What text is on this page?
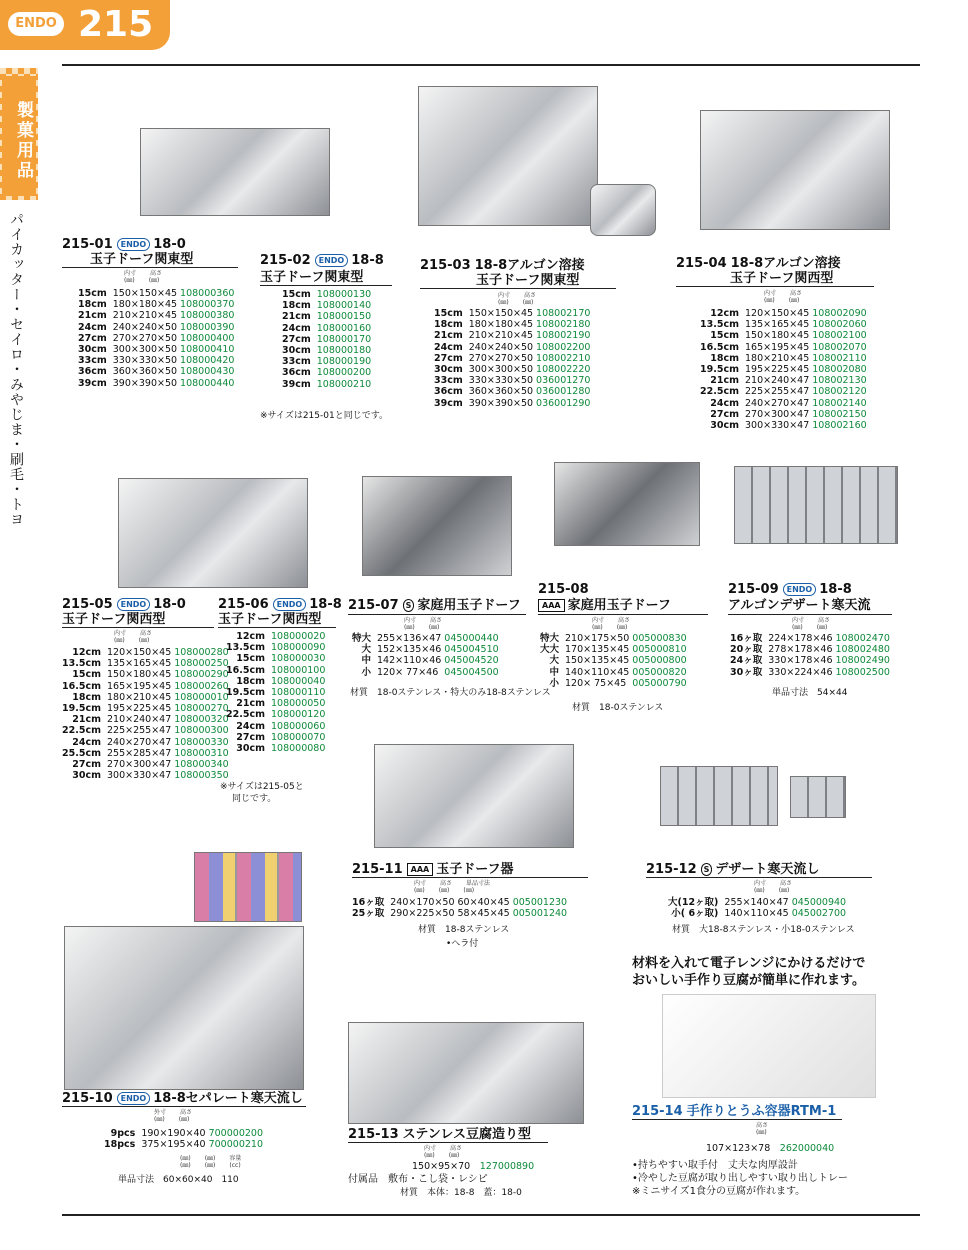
ENDO 215
製菓用品
パイカッター・セイロ・みやじま・刷毛・トヨ	215-01 ENDO 18-0
玉子ドーフ関東型
内寸 高さ
(㎜) (㎜)
15cm	150×150×45	108000360
18cm	180×180×45	108000370
21cm	210×210×45	108000380
24cm	240×240×50	108000390
27cm	270×270×50	108000400
30cm	300×300×50	108000410
33cm	330×330×50	108000420
36cm	360×360×50	108000430
39cm	390×390×50	108000440
215-02 ENDO 18-8
玉子ドーフ関東型
15cm	108000130
18cm	108000140
21cm	108000150
24cm	108000160
27cm	108000170
30cm	108000180
33cm	108000190
36cm	108000200
39cm	108000210
※サイズは215-01と同じです。
215-03 18-8アルゴン溶接
玉子ドーフ関東型
内寸 高さ
(㎜) (㎜)
15cm	150×150×45	108002170
18cm	180×180×45	108002180
21cm	210×210×45	108002190
24cm	240×240×50	108002200
27cm	270×270×50	108002210
30cm	300×300×50	108002220
33cm	330×330×50	036001270
36cm	360×360×50	036001280
39cm	390×390×50	036001290
215-04 18-8アルゴン溶接
玉子ドーフ関西型
内寸 高さ
(㎜) (㎜)
12cm	120×150×45	108002090
13.5cm	135×165×45	108002060
15cm	150×180×45	108002100
16.5cm	165×195×45	108002070
18cm	180×210×45	108002110
19.5cm	195×225×45	108002080
21cm	210×240×47	108002130
22.5cm	225×255×47	108002120
24cm	240×270×47	108002140
27cm	270×300×47	108002150
30cm	300×330×47	108002160
215-05 ENDO 18-0
玉子ドーフ関西型
内寸 高さ
(㎜) (㎜)
12cm	120×150×45	108000280
13.5cm	135×165×45	108000250
15cm	150×180×45	108000290
16.5cm	165×195×45	108000260
18cm	180×210×45	108000010
19.5cm	195×225×45	108000270
21cm	210×240×47	108000320
22.5cm	225×255×47	108000300
24cm	240×270×47	108000330
25.5cm	255×285×47	108000310
27cm	270×300×47	108000340
30cm	300×330×47	108000350
215-06 ENDO 18-8
玉子ドーフ関西型
12cm	108000020
13.5cm	108000090
15cm	108000030
16.5cm	108000100
18cm	108000040
19.5cm	108000110
21cm	108000050
22.5cm	108000120
24cm	108000060
27cm	108000070
30cm	108000080
※サイズは215-05と
同じです。
215-07 S 家庭用玉子ドーフ
内寸 高さ
(㎜) (㎜)
特大	255×136×47	045000440
大	152×135×46	045004510
中	142×110×46	045004520
小	120× 77×46	045004500
材質　18-0ステンレス・特大のみ18-8ステンレス
215-08
AAA 家庭用玉子ドーフ
内寸 高さ
(㎜) (㎜)
特大	210×175×50	005000830
大大	170×135×45	005000810
大	150×135×45	005000800
中	140×110×45	005000820
小	120× 75×45	005000790
材質　18-0ステンレス
215-09 ENDO 18-8
アルゴンデザート寒天流
内寸 高さ
(㎜) (㎜)
16ヶ取	224×178×46	108002470
20ヶ取	278×178×46	108002480
24ヶ取	330×178×46	108002490
30ヶ取	330×224×46	108002500
単品寸法　54×44
215-11 AAA 玉子ドーフ器
内寸 高さ 単品寸法
(㎜) (㎜) (㎜)
16ヶ取	240×170×50	60×40×45	005001230
25ヶ取	290×225×50	58×45×45	005001240
材質　18-8ステンレス
•ヘラ付
215-12 S デザート寒天流し
内寸 高さ
(㎜) (㎜)
大(12ヶ取)	255×140×47	045000940
小( 6ヶ取)	140×110×45	045002700
材質　大18-8ステンレス・小18-0ステンレス
215-10 ENDO 18-8セパレート寒天流し
外寸 高さ
(㎜) (㎜)
9pcs	190×190×40	700000200
18pcs	375×195×40	700000210
(㎜) (㎜) 容量
(㎜) (㎜) (cc)
単品寸法　60×60×40　110
215-13 ステンレス豆腐造り型
内寸 高さ
(㎜) (㎜)
150×95×70　 127000890
付属品　敷布・こし袋・レシピ
材質　本体：18-8　蓋：18-0
材料を入れて電子レンジにかけるだけで
おいしい手作り豆腐が簡単に作れます。
215-14 手作りとうふ容器RTM-1
高さ
(㎜)
107×123×78　 262000040
•持ちやすい取手付　丈夫な肉厚設計
•冷やした豆腐が取り出しやすい取り出しトレー
※ミニサイズ1食分の豆腐が作れます。
